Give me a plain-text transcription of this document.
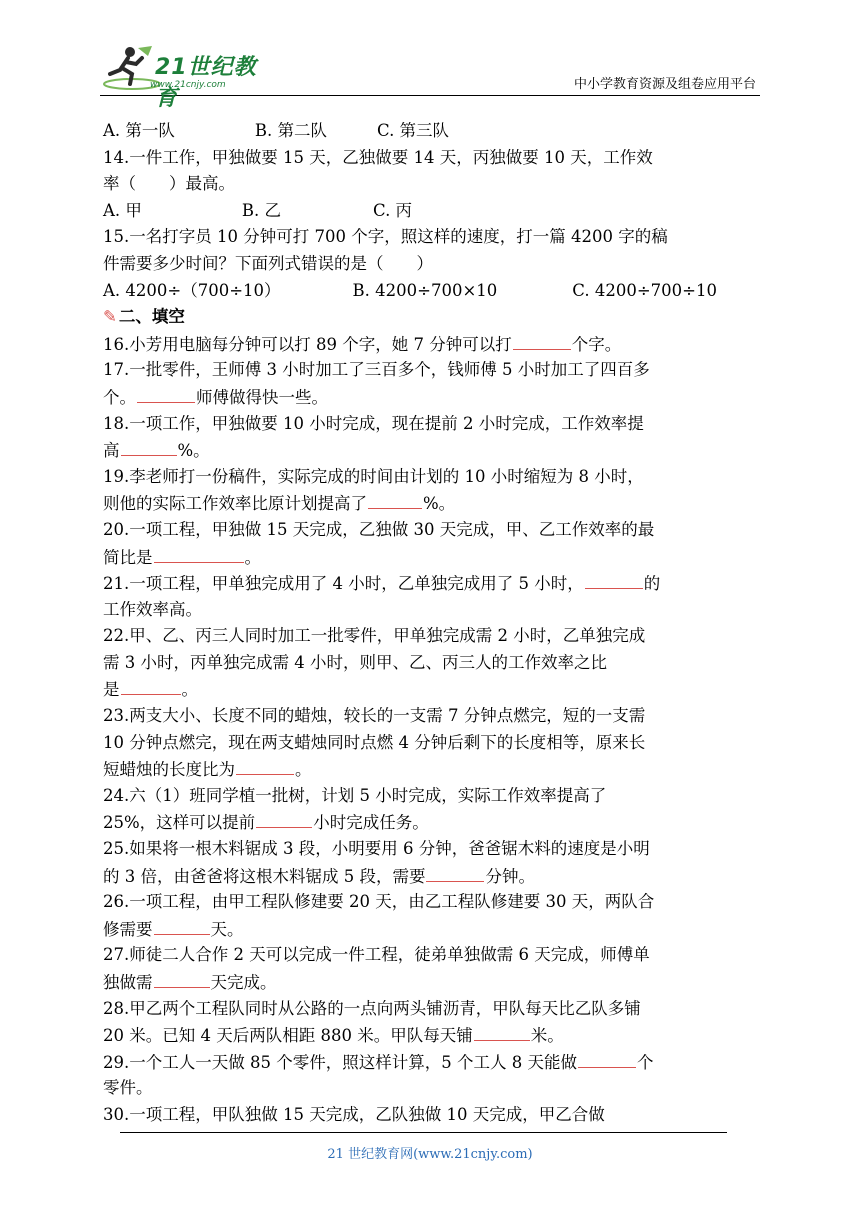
21世纪教育
www.21cnjy.com	中小学教育资源及组卷应用平台
A. 第一队	B. 第二队	C. 第三队
14.一件工作，甲独做要 15 天，乙独做要 14 天，丙独做要 10 天，工作效
率（　　）最高。
A. 甲	B. 乙	C. 丙
15.一名打字员 10 分钟可打 700 个字，照这样的速度，打一篇 4200 字的稿
件需要多少时间？下面列式错误的是（　　）
A. 4200÷（700÷10）	B. 4200÷700×10	C. 4200÷700÷10
✎ 二、填空
16.小芳用电脑每分钟可以打 89 个字，她 7 分钟可以打	个字。
17.一批零件，王师傅 3 小时加工了三百多个，钱师傅 5 小时加工了四百多
个。	师傅做得快一些。
18.一项工作，甲独做要 10 小时完成，现在提前 2 小时完成，工作效率提
高	%。
19.李老师打一份稿件，实际完成的时间由计划的 10 小时缩短为 8 小时，
则他的实际工作效率比原计划提高了	%。
20.一项工程，甲独做 15 天完成，乙独做 30 天完成，甲、乙工作效率的最
简比是	。
21.一项工程，甲单独完成用了 4 小时，乙单独完成用了 5 小时，	的
工作效率高。
22.甲、乙、丙三人同时加工一批零件，甲单独完成需 2 小时，乙单独完成
需 3 小时，丙单独完成需 4 小时，则甲、乙、丙三人的工作效率之比
是	。
23.两支大小、长度不同的蜡烛，较长的一支需 7 分钟点燃完，短的一支需
10 分钟点燃完，现在两支蜡烛同时点燃 4 分钟后剩下的长度相等，原来长
短蜡烛的长度比为	。
24.六（1）班同学植一批树，计划 5 小时完成，实际工作效率提高了
25%，这样可以提前	小时完成任务。
25.如果将一根木料锯成 3 段，小明要用 6 分钟，爸爸锯木料的速度是小明
的 3 倍，由爸爸将这根木料锯成 5 段，需要	分钟。
26.一项工程，由甲工程队修建要 20 天，由乙工程队修建要 30 天，两队合
修需要	天。
27.师徒二人合作 2 天可以完成一件工程，徒弟单独做需 6 天完成，师傅单
独做需	天完成。
28.甲乙两个工程队同时从公路的一点向两头铺沥青，甲队每天比乙队多铺
20 米。已知 4 天后两队相距 880 米。甲队每天铺	米。
29.一个工人一天做 85 个零件，照这样计算，5 个工人 8 天能做	个
零件。
30.一项工程，甲队独做 15 天完成，乙队独做 10 天完成，甲乙合做
21 世纪教育网(www.21cnjy.com)
